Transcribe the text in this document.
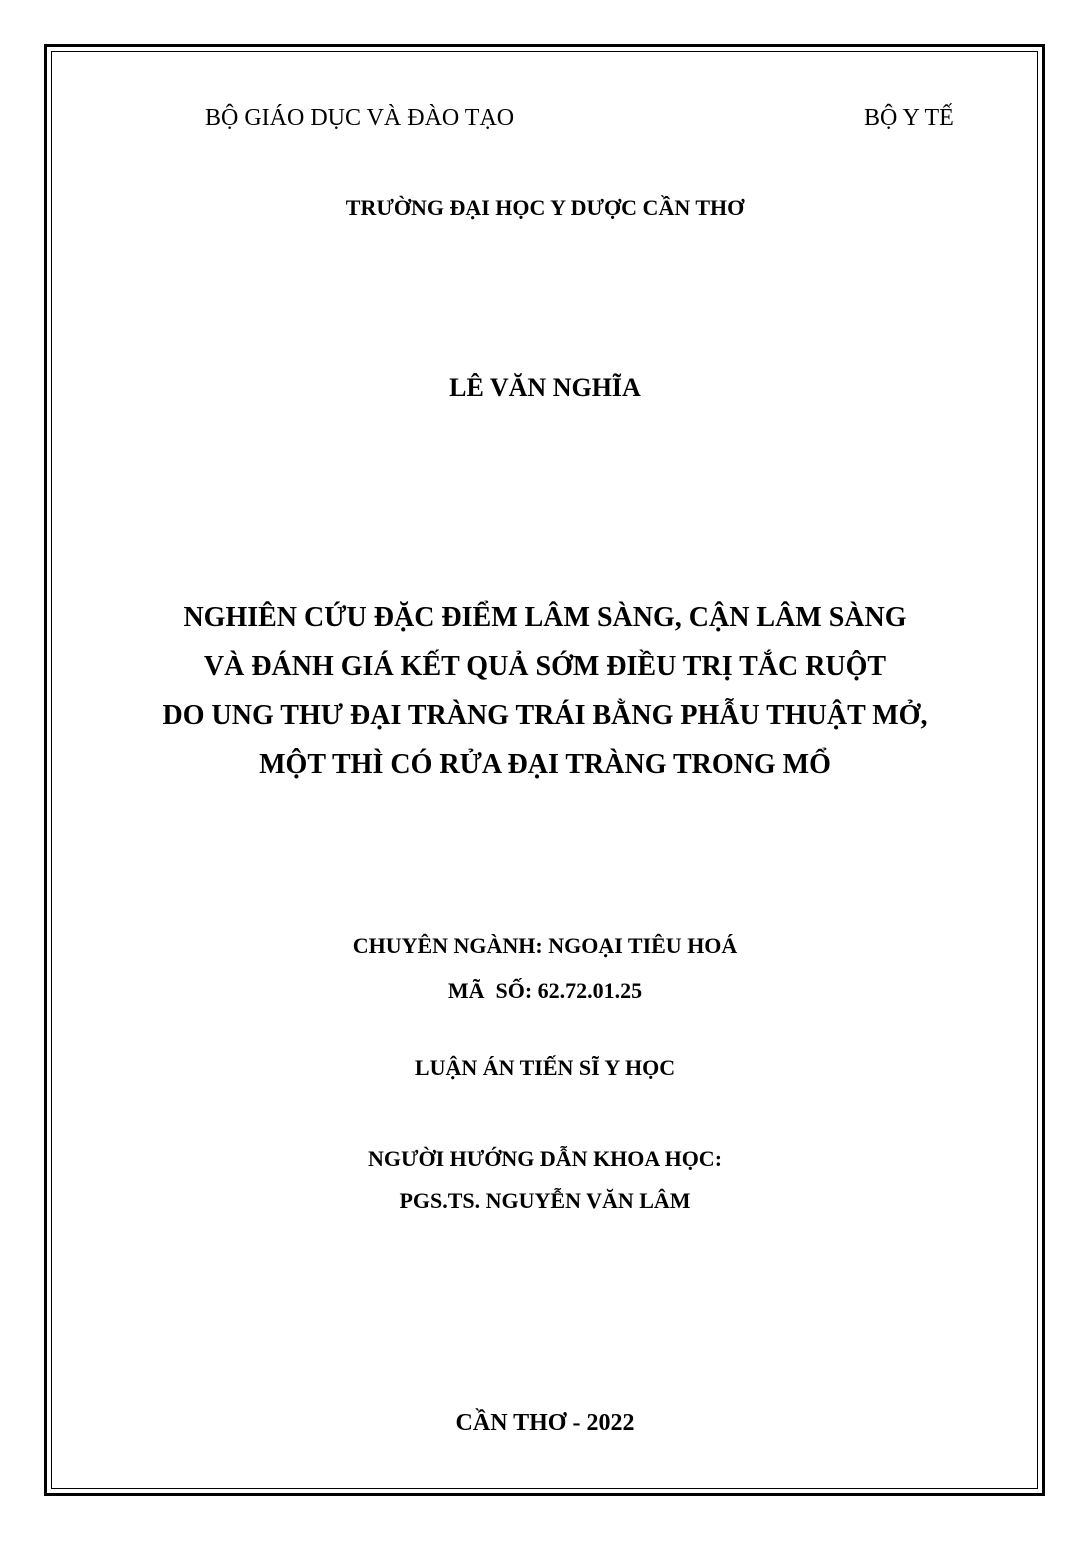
BỘ GIÁO DỤC VÀ ĐÀO TẠO	BỘ Y TẾ
TRƯỜNG ĐẠI HỌC Y DƯỢC CẦN THƠ
LÊ VĂN NGHĨA
NGHIÊN CỨU ĐẶC ĐIỂM LÂM SÀNG, CẬN LÂM SÀNG
VÀ ĐÁNH GIÁ KẾT QUẢ SỚM ĐIỀU TRỊ TẮC RUỘT
DO UNG THƯ ĐẠI TRÀNG TRÁI BẰNG PHẪU THUẬT MỞ,
MỘT THÌ CÓ RỬA ĐẠI TRÀNG TRONG MỔ
CHUYÊN NGÀNH: NGOẠI TIÊU HOÁ
MÃ  SỐ: 62.72.01.25
LUẬN ÁN TIẾN SĨ Y HỌC
NGƯỜI HƯỚNG DẪN KHOA HỌC:
PGS.TS. NGUYỄN VĂN LÂM
CẦN THƠ - 2022
